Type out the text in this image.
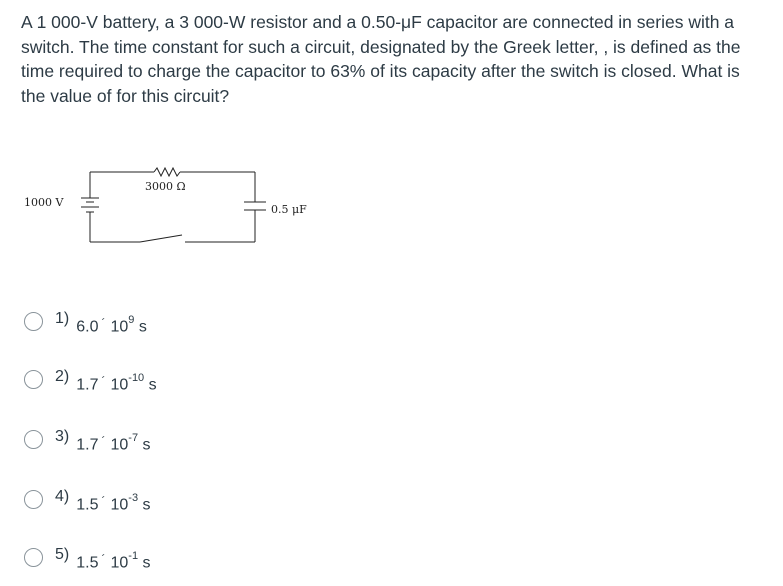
A 1 000-V battery, a 3 000-W resistor and a 0.50-μF capacitor are connected in series with a switch. The time constant for such a circuit, designated by the Greek letter, , is defined as the time required to charge the capacitor to 63% of its capacity after the switch is closed. What is the value of for this circuit?

3000 Ω
1000 V
0.5 μF
1) 6.0 ´ $10^9$ s
2) 1.7 ´ $10^{-10}$ s
3) 1.7 ´ $10^{-7}$ s
4) 1.5 ´ $10^{-3}$ s
5) 1.5 ´ $10^{-1}$ s
